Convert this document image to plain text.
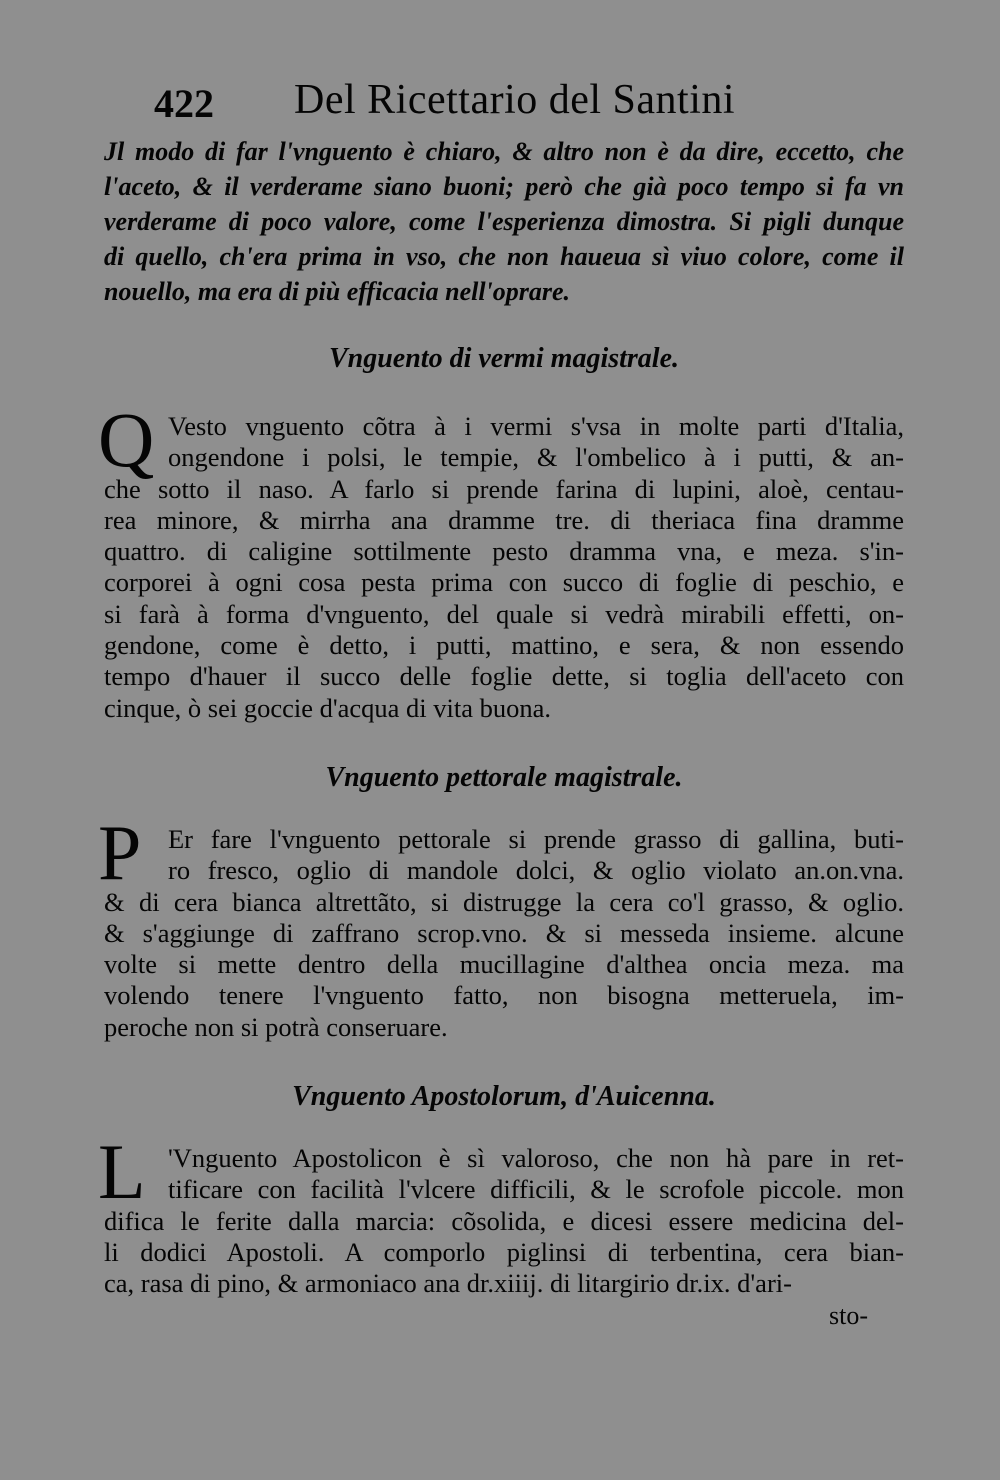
422 Del Ricettario del Santini
Jl modo di far l'vnguento è chiaro, & altro non è da dire, eccetto, che
l'aceto, & il verderame siano buoni; però che già poco tempo si fa vn
verderame di poco valore, come l'esperienza dimostra. Si pigli dunque
di quello, ch'era prima in vso, che non haueua sì viuo colore, come il
nouello, ma era di più efficacia nell'oprare.
Vnguento di vermi magistrale.
Q Vesto vnguento cõtra à i vermi s'vsa in molte parti d'Italia,
ongendone i polsi, le tempie, & l'ombelico à i putti, & an-
che sotto il naso. A farlo si prende farina di lupini, aloè, centau-
rea minore, & mirrha ana dramme tre. di theriaca fina dramme
quattro. di caligine sottilmente pesto dramma vna, e meza. s'in-
corporei à ogni cosa pesta prima con succo di foglie di peschio, e
si farà à forma d'vnguento, del quale si vedrà mirabili effetti, on-
gendone, come è detto, i putti, mattino, e sera, & non essendo
tempo d'hauer il succo delle foglie dette, si toglia dell'aceto con
cinque, ò sei goccie d'acqua di vita buona.
Vnguento pettorale magistrale.
P	Er fare l'vnguento pettorale si prende grasso di gallina, buti-
ro fresco, oglio di mandole dolci, & oglio violato an.on.vna.
& di cera bianca altrettãto, si distrugge la cera co'l grasso, & oglio.
& s'aggiunge di zaffrano scrop.vno. & si messeda insieme. alcune
volte si mette dentro della mucillagine d'althea oncia meza. ma
volendo tenere l'vnguento fatto, non bisogna metteruela, im-
peroche non si potrà conseruare.
Vnguento Apostolorum, d'Auicenna.
L 'Vnguento Apostolicon è sì valoroso, che non hà pare in ret-
tificare con facilità l'vlcere difficili, & le scrofole piccole. mon
difica le ferite dalla marcia: cõsolida, e dicesi essere medicina del-
li dodici Apostoli. A comporlo piglinsi di terbentina, cera bian-
ca, rasa di pino, & armoniaco ana dr.xiiij. di litargirio dr.ix. d'ari-
sto-
